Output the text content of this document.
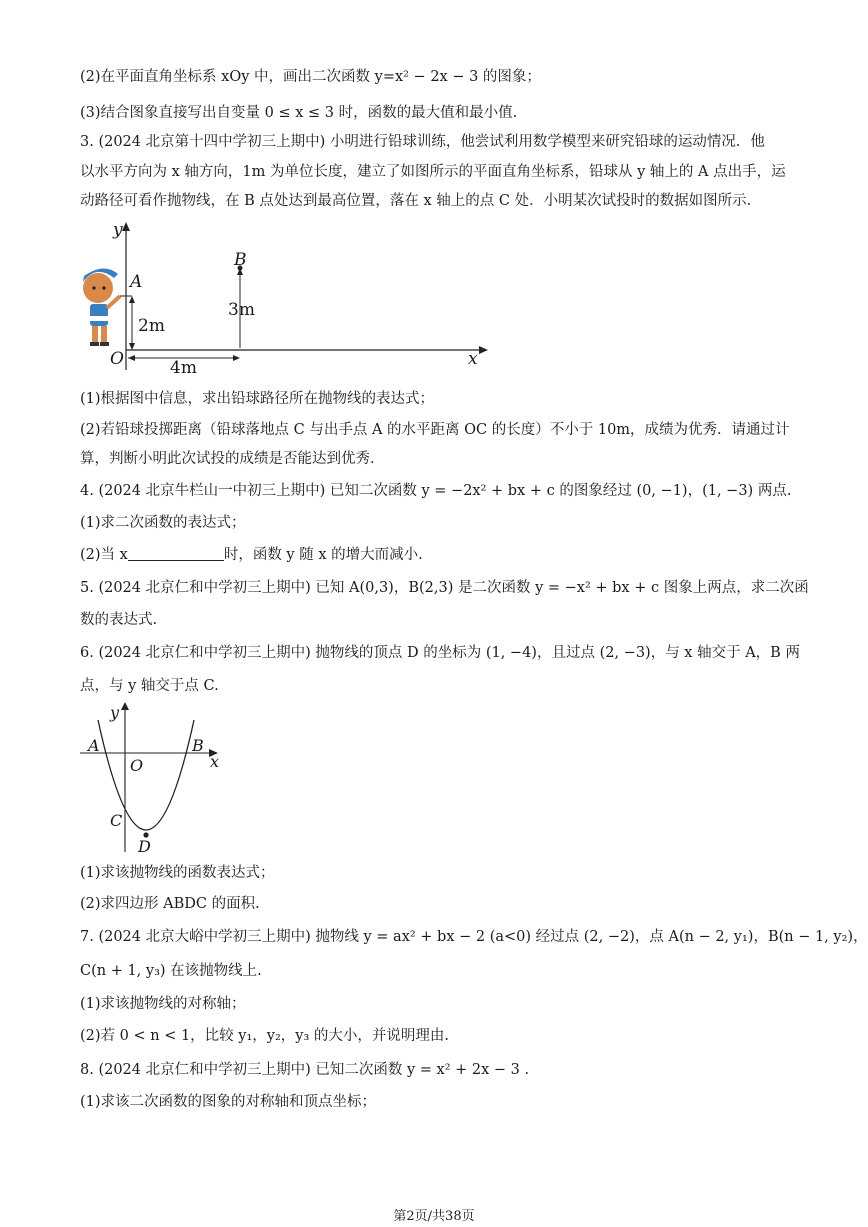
(2)在平面直角坐标系 xOy 中，画出二次函数 y=x² − 2x − 3 的图象；
(3)结合图象直接写出自变量 0 ≤ x ≤ 3 时，函数的最大值和最小值.
3. (2024 北京第十四中学初三上期中) 小明进行铅球训练，他尝试利用数学模型来研究铅球的运动情况．他
以水平方向为 x 轴方向，1m 为单位长度，建立了如图所示的平面直角坐标系，铅球从 y 轴上的 A 点出手，运
动路径可看作抛物线，在 B 点处达到最高位置，落在 x 轴上的点 C 处．小明某次试投时的数据如图所示.
y
x
O
A
B
2m
3m
4m
(1)根据图中信息，求出铅球路径所在抛物线的表达式；
(2)若铅球投掷距离（铅球落地点 C 与出手点 A 的水平距离 OC 的长度）不小于 10m，成绩为优秀．请通过计
算，判断小明此次试投的成绩是否能达到优秀.
4. (2024 北京牛栏山一中初三上期中) 已知二次函数 y = −2x² + bx + c 的图象经过 (0, −1)，(1, −3) 两点.
(1)求二次函数的表达式；
(2)当 x	时，函数 y 随 x 的增大而减小.
5. (2024 北京仁和中学初三上期中) 已知 A(0,3)，B(2,3) 是二次函数 y = −x² + bx + c 图象上两点，求二次函
数的表达式.
6. (2024 北京仁和中学初三上期中) 抛物线的顶点 D 的坐标为 (1, −4)，且过点 (2, −3)，与 x 轴交于 A，B 两
点，与 y 轴交于点 C.
y
x
O
A	B
C
D
(1)求该抛物线的函数表达式；
(2)求四边形 ABDC 的面积.
7. (2024 北京大峪中学初三上期中) 抛物线 y = ax² + bx − 2 (a<0) 经过点 (2, −2)，点 A(n − 2, y₁)，B(n − 1, y₂)，
C(n + 1, y₃) 在该抛物线上.
(1)求该抛物线的对称轴；
(2)若 0 < n < 1，比较 y₁，y₂，y₃ 的大小，并说明理由.
8. (2024 北京仁和中学初三上期中) 已知二次函数 y = x² + 2x − 3 .
(1)求该二次函数的图象的对称轴和顶点坐标；
第2页/共38页
